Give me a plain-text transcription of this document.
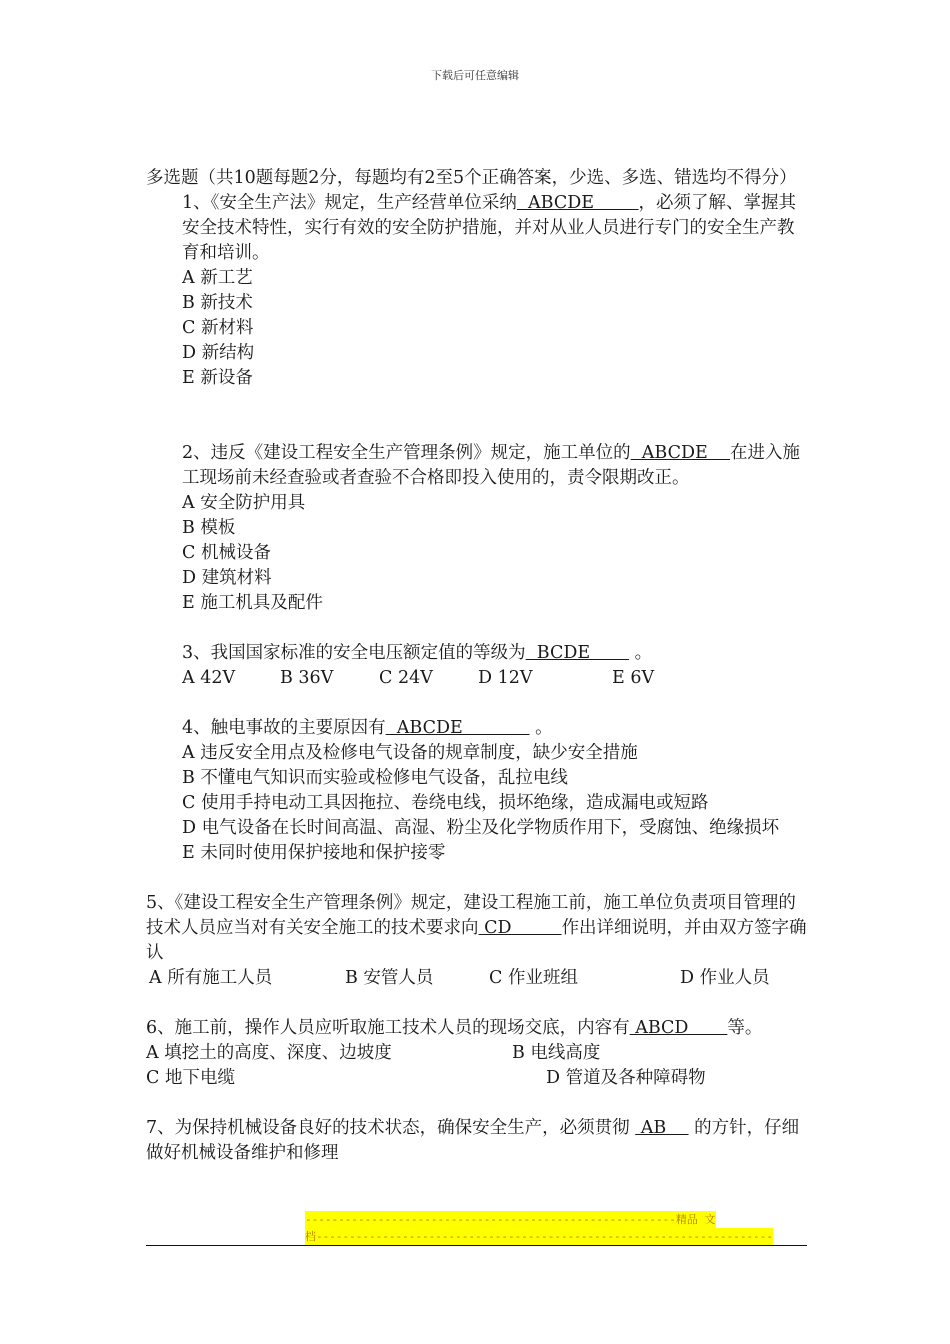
下载后可任意编辑
多选题（共10题每题2分，每题均有2至5个正确答案，少选、多选、错选均不得分）
1、《安全生产法》规定，生产经营单位采纳  ABCDE        ，必须了解、掌握其安全技术特性，实行有效的安全防护措施，并对从业人员进行专门的安全生产教育和培训。
A 新工艺
B 新技术
C 新材料
D 新结构
E 新设备
2、违反《建设工程安全生产管理条例》规定，施工单位的  ABCDE    在进入施工现场前未经查验或者查验不合格即投入使用的，责令限期改正。
A 安全防护用具
B 模板
C 机械设备
D 建筑材料
E 施工机具及配件
3、我国国家标准的安全电压额定值的等级为  BCDE        。
A 42V	B 36V	C 24V	D 12V	E 6V
4、触电事故的主要原因有  ABCDE             。
A 违反安全用点及检修电气设备的规章制度，缺少安全措施
B 不懂电气知识而实验或检修电气设备，乱拉电线
C 使用手持电动工具因拖拉、卷绕电线，损坏绝缘，造成漏电或短路
D 电气设备在长时间高温、高湿、粉尘及化学物质作用下，受腐蚀、绝缘损坏
E 未同时使用保护接地和保护接零
5、《建设工程安全生产管理条例》规定，建设工程施工前，施工单位负责项目管理的技术人员应当对有关安全施工的技术要求向 CD         作出详细说明，并由双方签字确认
A 所有施工人员	B 安管人员	C 作业班组	D 作业人员
6、施工前，操作人员应听取施工技术人员的现场交底，内容有 ABCD       等。
A 填挖土的高度、深度、边坡度	B 电线高度
C 地下电缆	D 管道及各种障碍物
7、为保持机械设备良好的技术状态，确保安全生产，必须贯彻  AB     的方针，仔细做好机械设备维护和修理
--------------------------------------------------------精品 文
档---------------------------------------------------------------------
